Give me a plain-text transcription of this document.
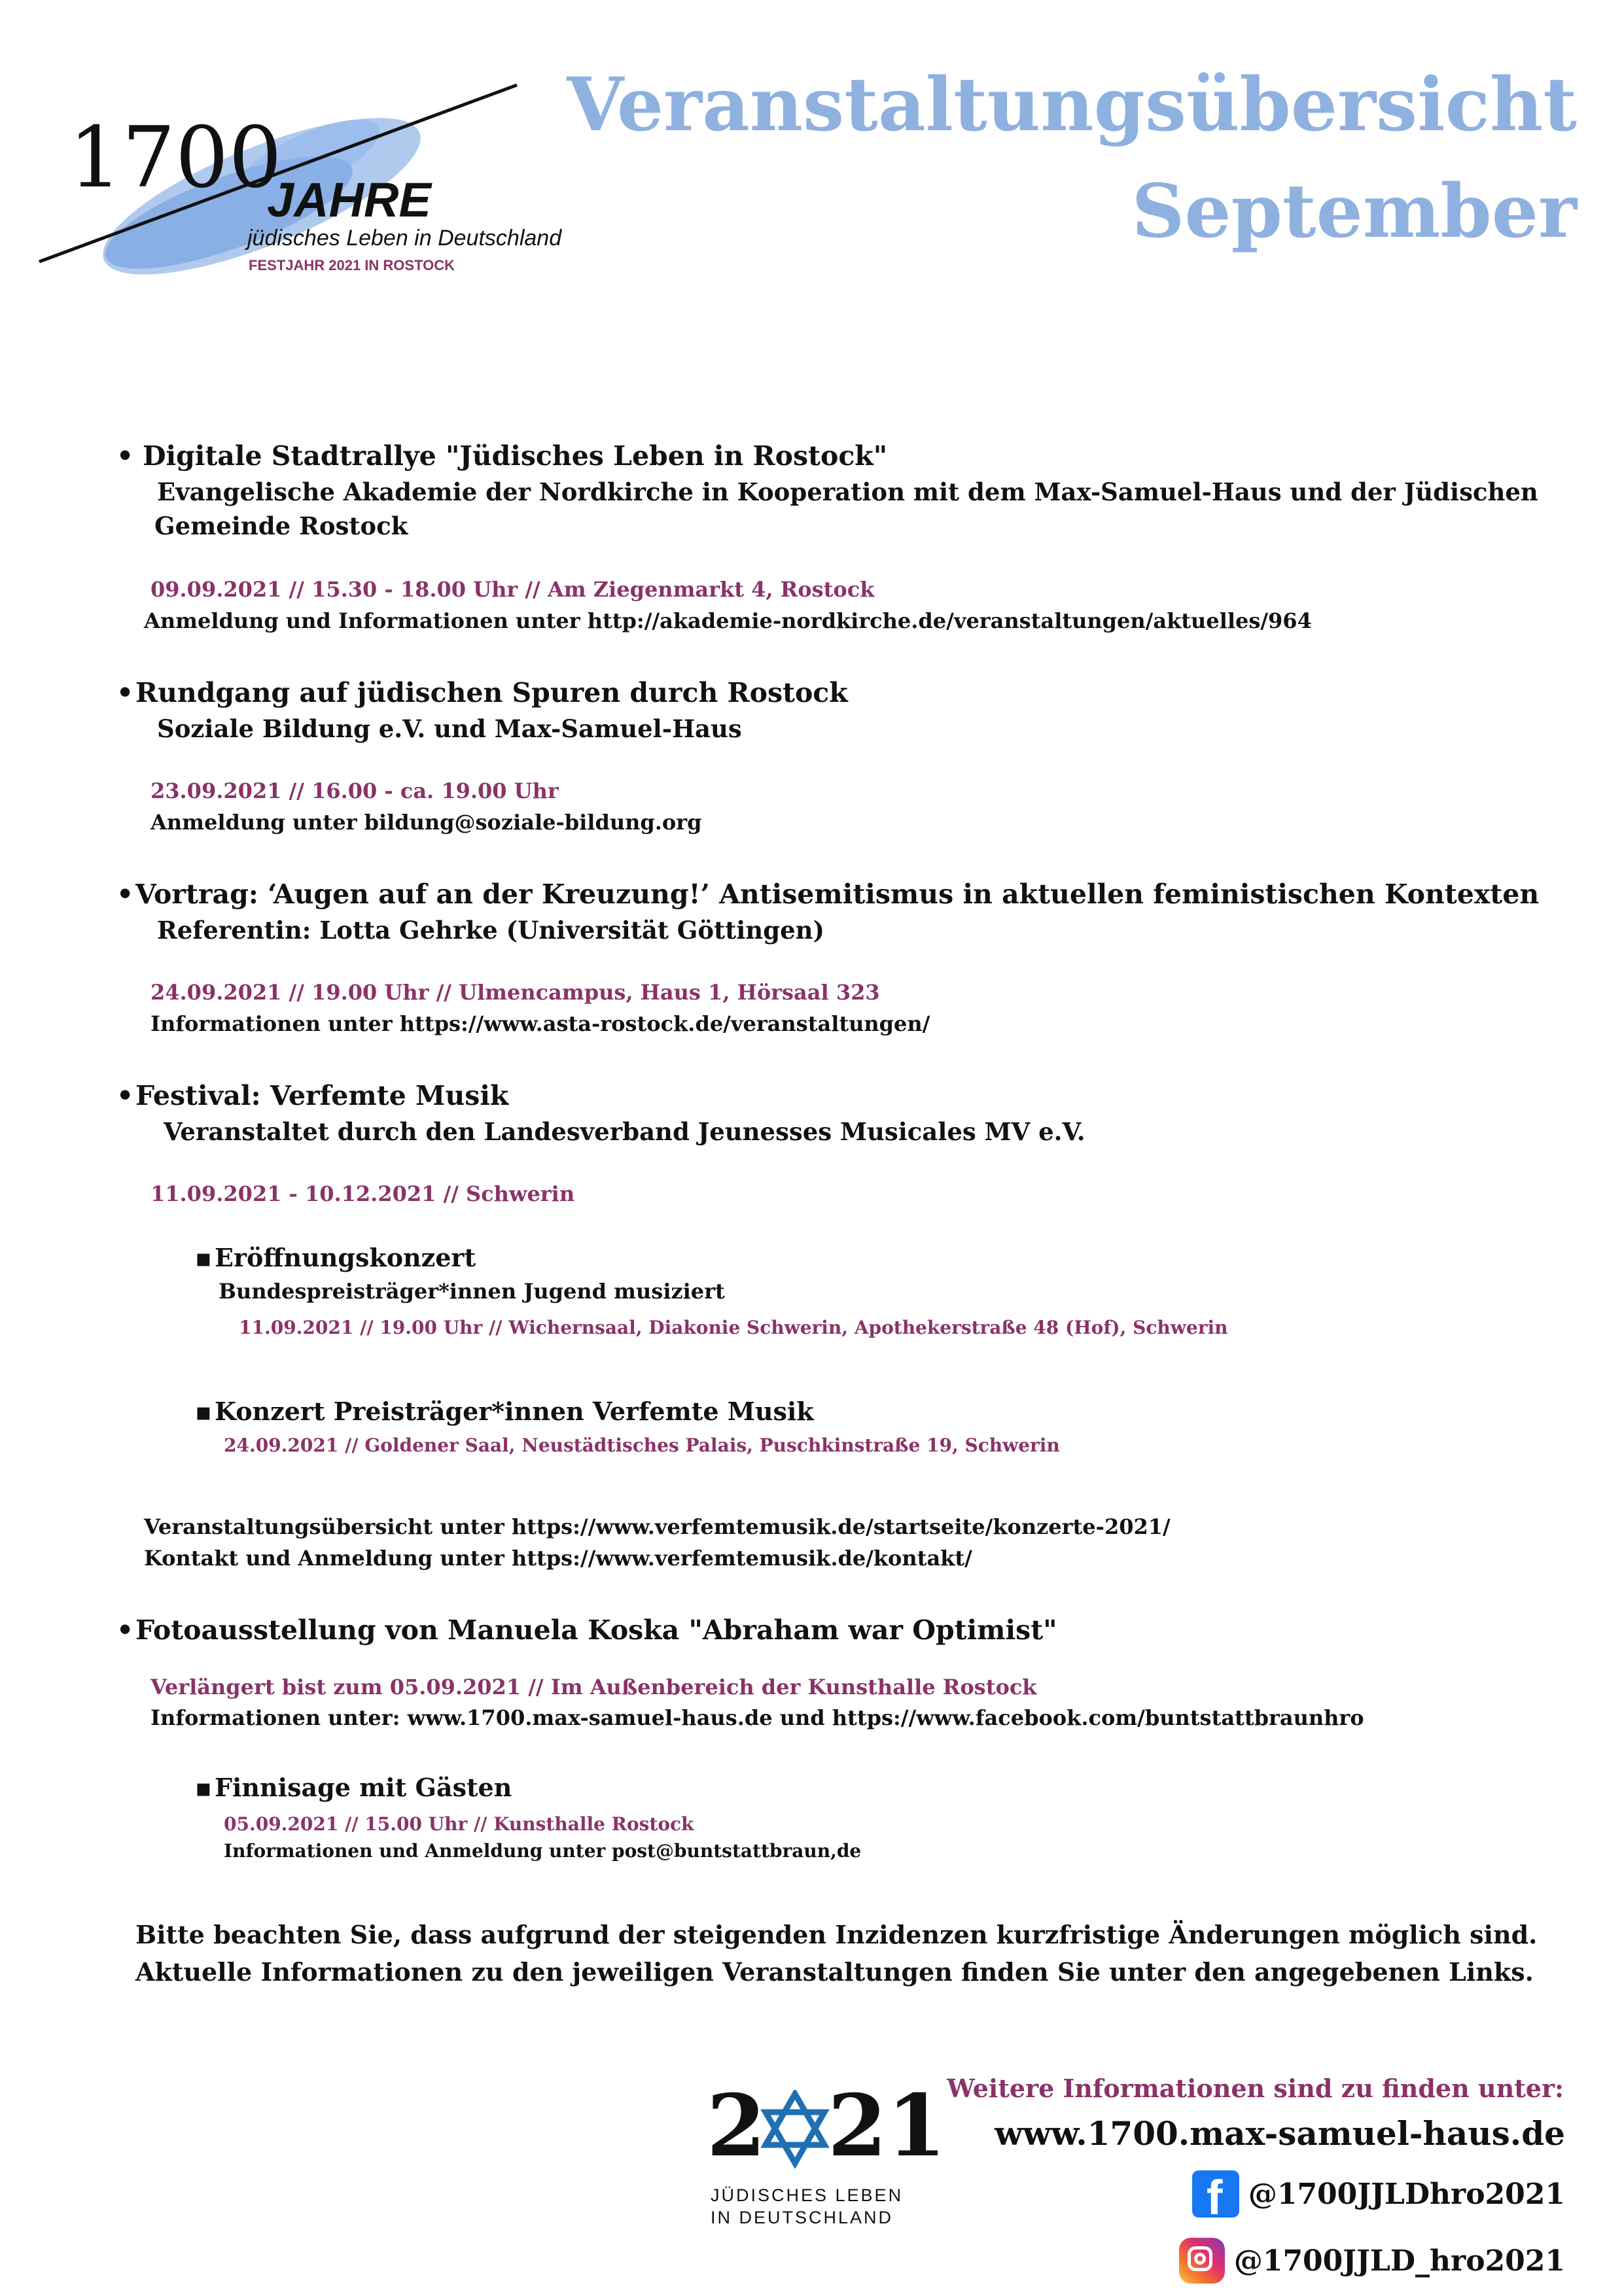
1700
JAHRE
jüdisches Leben in Deutschland
FESTJAHR 2021 IN ROSTOCK
Veranstaltungsübersicht
September
• Digitale Stadtrallye "Jüdisches Leben in Rostock"
Evangelische Akademie der Nordkirche in Kooperation mit dem Max-Samuel-Haus und der Jüdischen
Gemeinde Rostock
09.09.2021 // 15.30 - 18.00 Uhr // Am Ziegenmarkt 4, Rostock
Anmeldung und Informationen unter http://akademie-nordkirche.de/veranstaltungen/aktuelles/964
• Rundgang auf jüdischen Spuren durch Rostock
Soziale Bildung e.V. und Max-Samuel-Haus
23.09.2021 // 16.00 - ca. 19.00 Uhr
Anmeldung unter bildung@soziale-bildung.org
• Vortrag: ‘Augen auf an der Kreuzung!’ Antisemitismus in aktuellen feministischen Kontexten
Referentin: Lotta Gehrke (Universität Göttingen)
24.09.2021 // 19.00 Uhr // Ulmencampus, Haus 1, Hörsaal 323
Informationen unter https://www.asta-rostock.de/veranstaltungen/
• Festival: Verfemte Musik
Veranstaltet durch den Landesverband Jeunesses Musicales MV e.V.
11.09.2021 - 10.12.2021 // Schwerin
▪ Eröffnungskonzert
Bundespreisträger*innen Jugend musiziert
11.09.2021 // 19.00 Uhr // Wichernsaal, Diakonie Schwerin, Apothekerstraße 48 (Hof), Schwerin
▪ Konzert Preisträger*innen Verfemte Musik
24.09.2021 // Goldener Saal, Neustädtisches Palais, Puschkinstraße 19, Schwerin
Veranstaltungsübersicht unter https://www.verfemtemusik.de/startseite/konzerte-2021/
Kontakt und Anmeldung unter https://www.verfemtemusik.de/kontakt/
• Fotoausstellung von Manuela Koska "Abraham war Optimist"
Verlängert bist zum 05.09.2021 // Im Außenbereich der Kunsthalle Rostock
Informationen unter: www.1700.max-samuel-haus.de und https://www.facebook.com/buntstattbraunhro
▪ Finnisage mit Gästen
05.09.2021 // 15.00 Uhr // Kunsthalle Rostock
Informationen und Anmeldung unter post@buntstattbraun,de
Bitte beachten Sie, dass aufgrund der steigenden Inzidenzen kurzfristige Änderungen möglich sind.
Aktuelle Informationen zu den jeweiligen Veranstaltungen finden Sie unter den angegebenen Links.
2 21
JÜDISCHES LEBEN
IN DEUTSCHLAND
Weitere Informationen sind zu finden unter:
www.1700.max-samuel-haus.de
f @1700JJLDhro2021
@1700JJLD_hro2021
